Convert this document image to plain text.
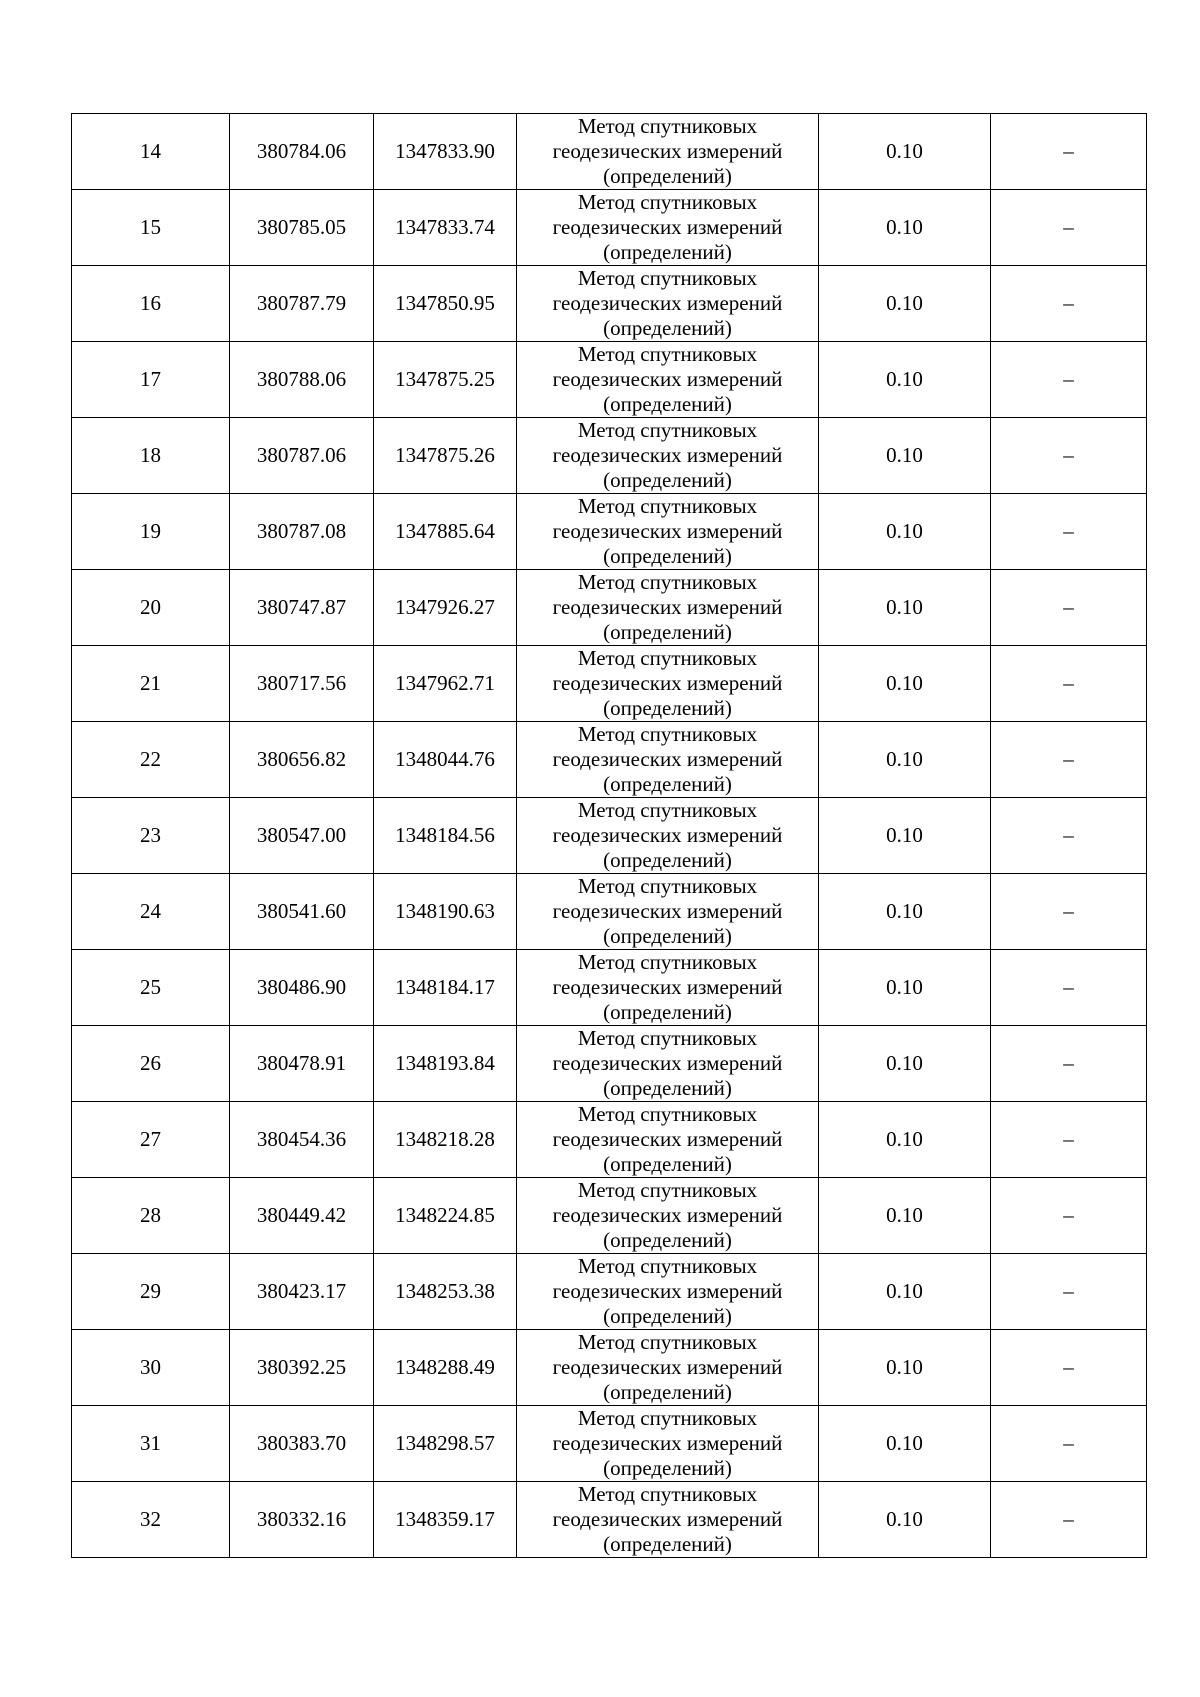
14	380784.06	1347833.90	Метод спутниковых
геодезических измерений
(определений)	0.10	–
15	380785.05	1347833.74	Метод спутниковых
геодезических измерений
(определений)	0.10	–
16	380787.79	1347850.95	Метод спутниковых
геодезических измерений
(определений)	0.10	–
17	380788.06	1347875.25	Метод спутниковых
геодезических измерений
(определений)	0.10	–
18	380787.06	1347875.26	Метод спутниковых
геодезических измерений
(определений)	0.10	–
19	380787.08	1347885.64	Метод спутниковых
геодезических измерений
(определений)	0.10	–
20	380747.87	1347926.27	Метод спутниковых
геодезических измерений
(определений)	0.10	–
21	380717.56	1347962.71	Метод спутниковых
геодезических измерений
(определений)	0.10	–
22	380656.82	1348044.76	Метод спутниковых
геодезических измерений
(определений)	0.10	–
23	380547.00	1348184.56	Метод спутниковых
геодезических измерений
(определений)	0.10	–
24	380541.60	1348190.63	Метод спутниковых
геодезических измерений
(определений)	0.10	–
25	380486.90	1348184.17	Метод спутниковых
геодезических измерений
(определений)	0.10	–
26	380478.91	1348193.84	Метод спутниковых
геодезических измерений
(определений)	0.10	–
27	380454.36	1348218.28	Метод спутниковых
геодезических измерений
(определений)	0.10	–
28	380449.42	1348224.85	Метод спутниковых
геодезических измерений
(определений)	0.10	–
29	380423.17	1348253.38	Метод спутниковых
геодезических измерений
(определений)	0.10	–
30	380392.25	1348288.49	Метод спутниковых
геодезических измерений
(определений)	0.10	–
31	380383.70	1348298.57	Метод спутниковых
геодезических измерений
(определений)	0.10	–
32	380332.16	1348359.17	Метод спутниковых
геодезических измерений
(определений)	0.10	–
